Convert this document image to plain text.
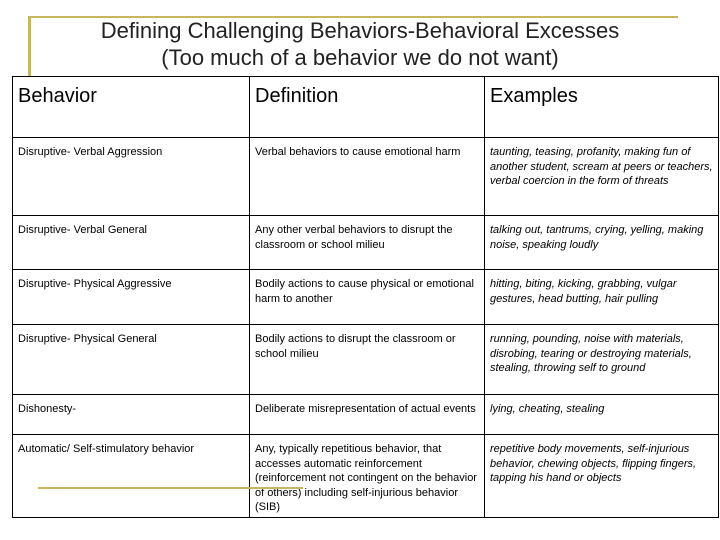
Defining Challenging Behaviors-Behavioral Excesses
(Too much of a behavior we do not want)
Behavior	Definition	Examples
Disruptive- Verbal Aggression	Verbal behaviors to cause emotional harm	taunting, teasing, profanity, making fun of another student, scream at peers or teachers, verbal coercion in the form of threats
Disruptive- Verbal General	Any other verbal behaviors to disrupt the classroom or school milieu	talking out, tantrums, crying, yelling, making noise, speaking loudly
Disruptive- Physical Aggressive	Bodily actions to cause physical or emotional harm to another	hitting, biting, kicking, grabbing, vulgar gestures, head butting, hair pulling
Disruptive- Physical General	Bodily actions to disrupt the classroom or school milieu	running, pounding, noise with materials, disrobing, tearing or destroying materials, stealing, throwing self to ground
Dishonesty-	Deliberate misrepresentation of actual events	lying, cheating, stealing
Automatic/ Self-stimulatory behavior	Any, typically repetitious behavior, that accesses automatic reinforcement (reinforcement not contingent on the behavior of others) including self-injurious behavior (SIB)	repetitive body movements, self-injurious behavior, chewing objects, flipping fingers, tapping his hand or objects
